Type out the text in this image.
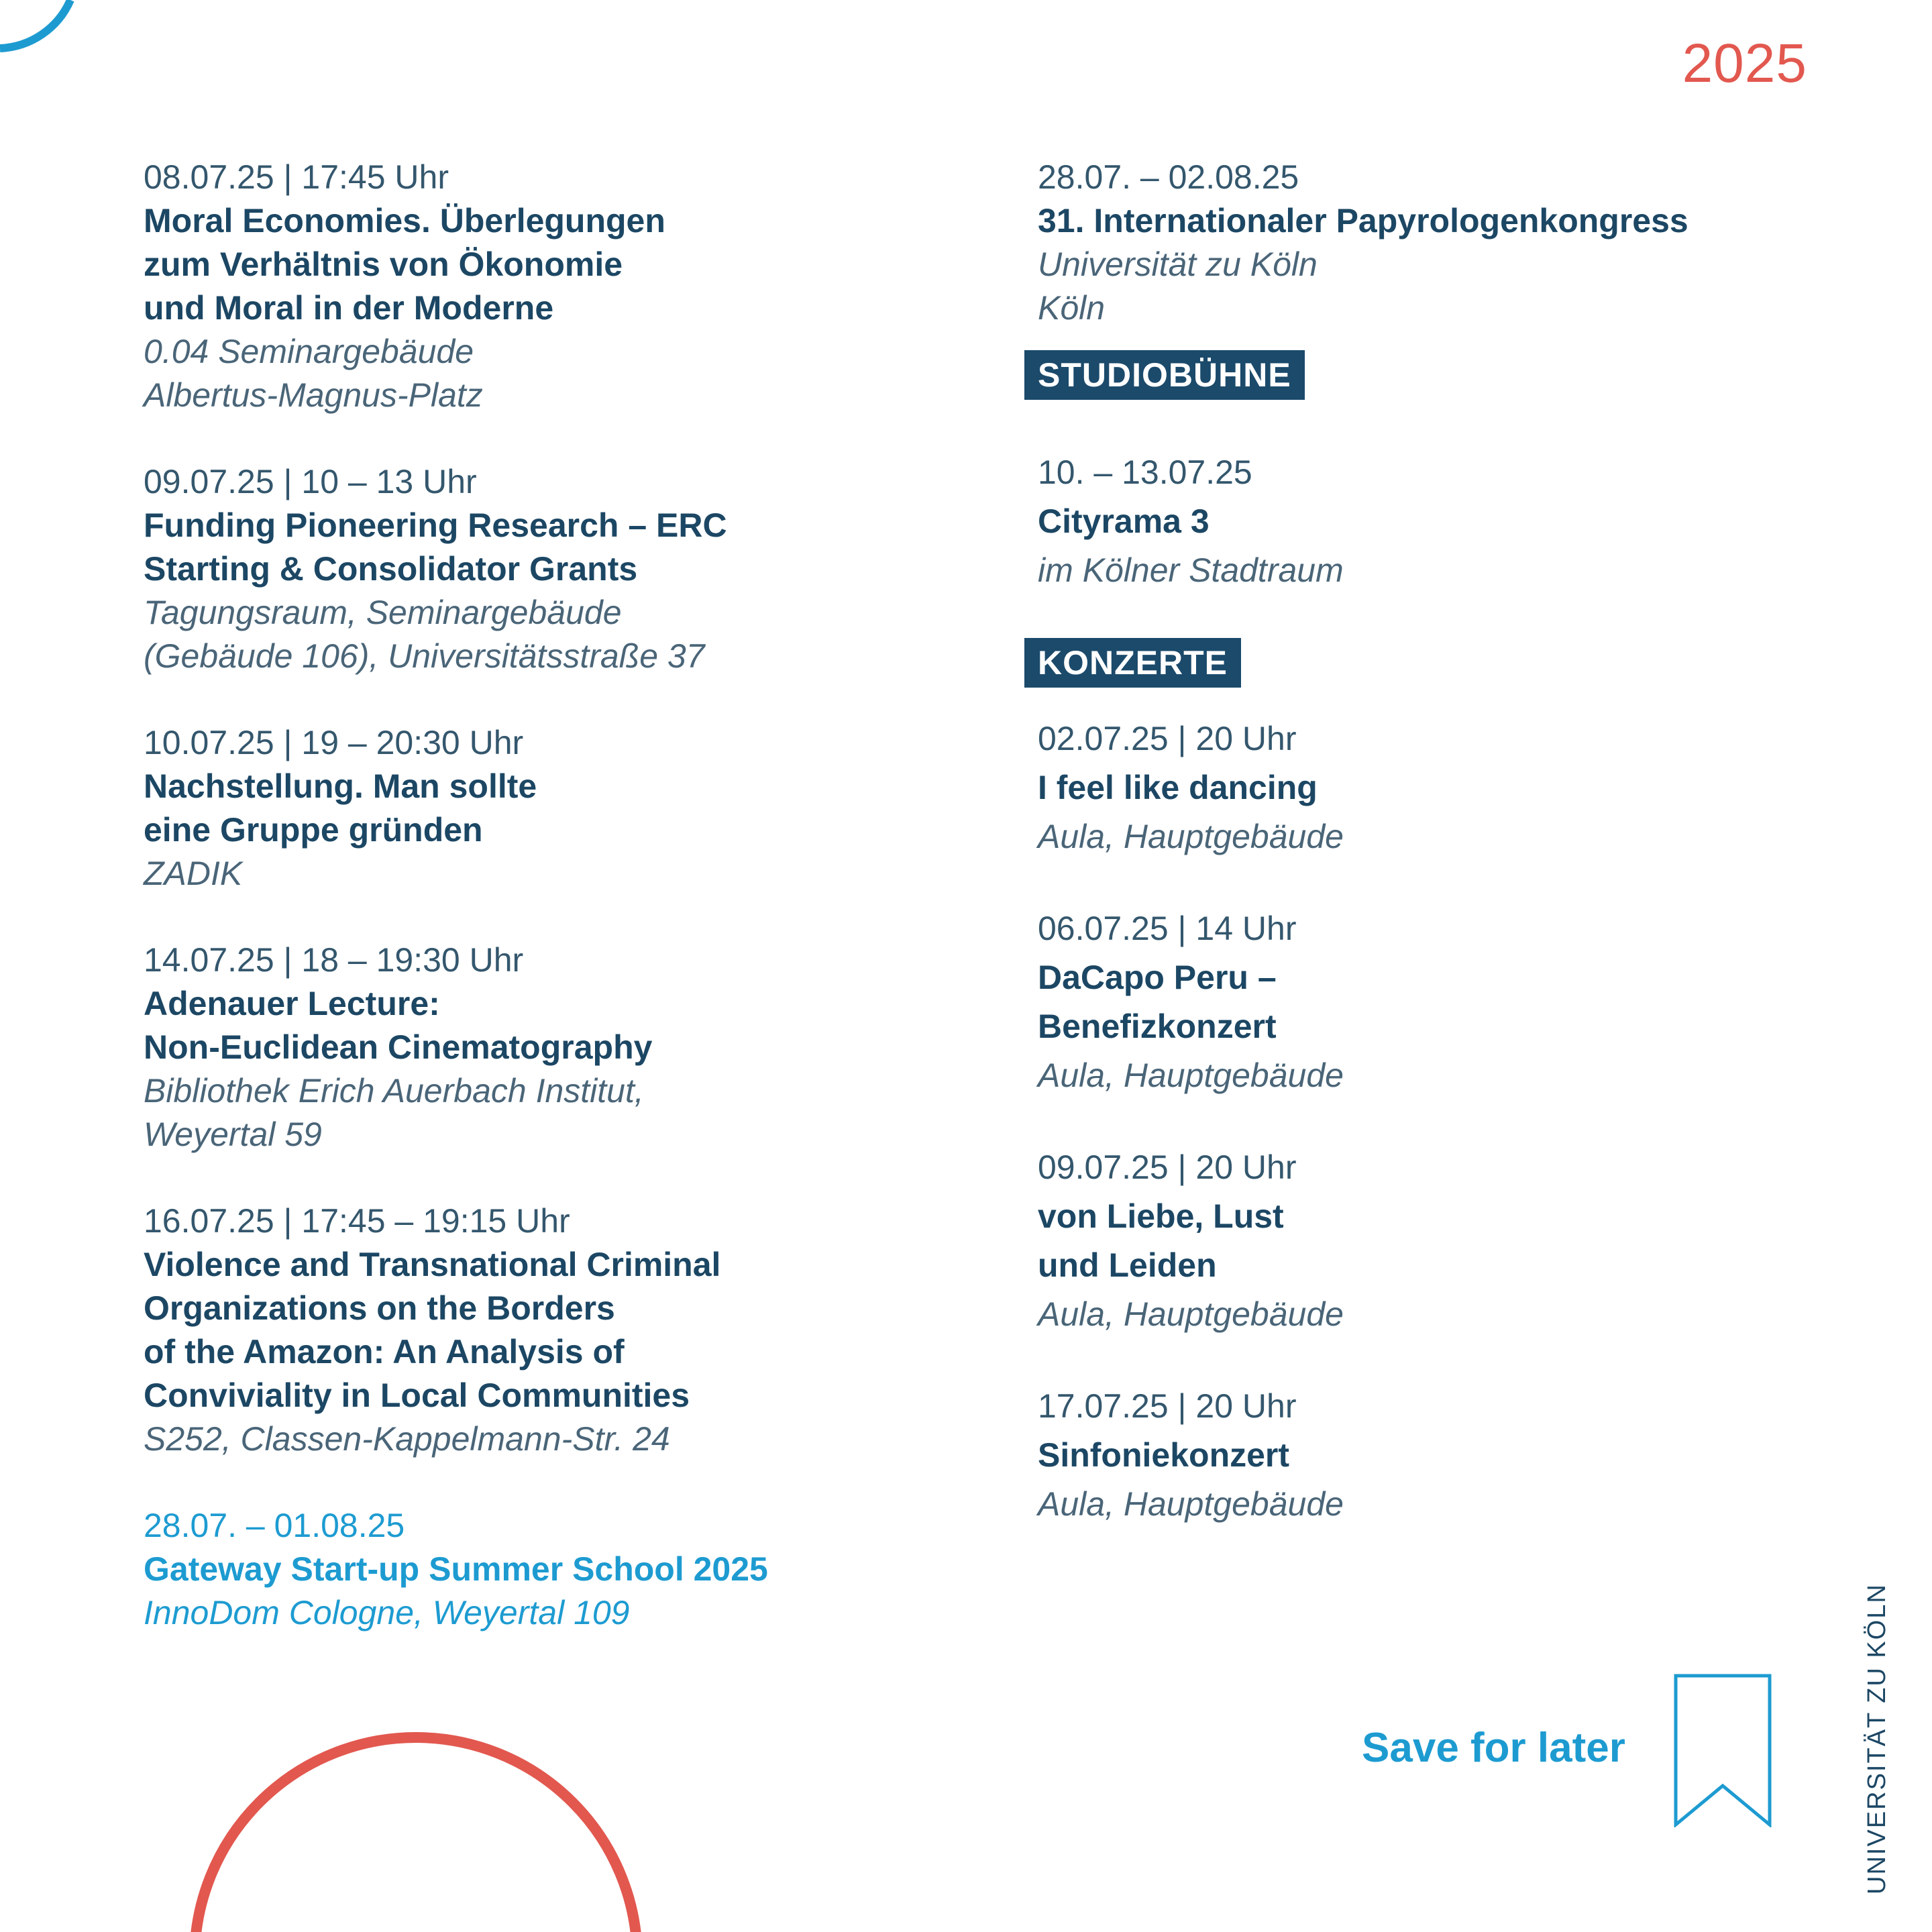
2025

08.07.25 | 17:45 Uhr

Moral Economies. Überlegungen
zum Verhältnis von Ökonomie
und Moral in der Moderne

0.04 Seminargebäude
Albertus-Magnus-Platz

09.07.25 | 10 – 13 Uhr

Funding Pioneering Research – ERC
Starting & Consolidator Grants

Tagungsraum, Seminargebäude
(Gebäude 106), Universitätsstraße 37

10.07.25 | 19 – 20:30 Uhr

Nachstellung. Man sollte
eine Gruppe gründen

ZADIK

14.07.25 | 18 – 19:30 Uhr

Adenauer Lecture:
Non-Euclidean Cinematography

Bibliothek Erich Auerbach Institut,
Weyertal 59

16.07.25 | 17:45 – 19:15 Uhr

Violence and Transnational Criminal
Organizations on the Borders
of the Amazon: An Analysis of
Conviviality in Local Communities

S252, Classen-Kappelmann-Str. 24

28.07. – 01.08.25

Gateway Start-up Summer School 2025

InnoDom Cologne, Weyertal 109

28.07. – 02.08.25

31. Internationaler Papyrologenkongress

Universität zu Köln
Köln

STUDIOBÜHNE

10. – 13.07.25

Cityrama 3

im Kölner Stadtraum

KONZERTE

02.07.25 | 20 Uhr

I feel like dancing

Aula, Hauptgebäude

06.07.25 | 14 Uhr

DaCapo Peru –
Benefizkonzert

Aula, Hauptgebäude

09.07.25 | 20 Uhr

von Liebe, Lust
und Leiden

Aula, Hauptgebäude

17.07.25 | 20 Uhr

Sinfoniekonzert

Aula, Hauptgebäude

Save for later	UNIVERSITÄT ZU KÖLN
